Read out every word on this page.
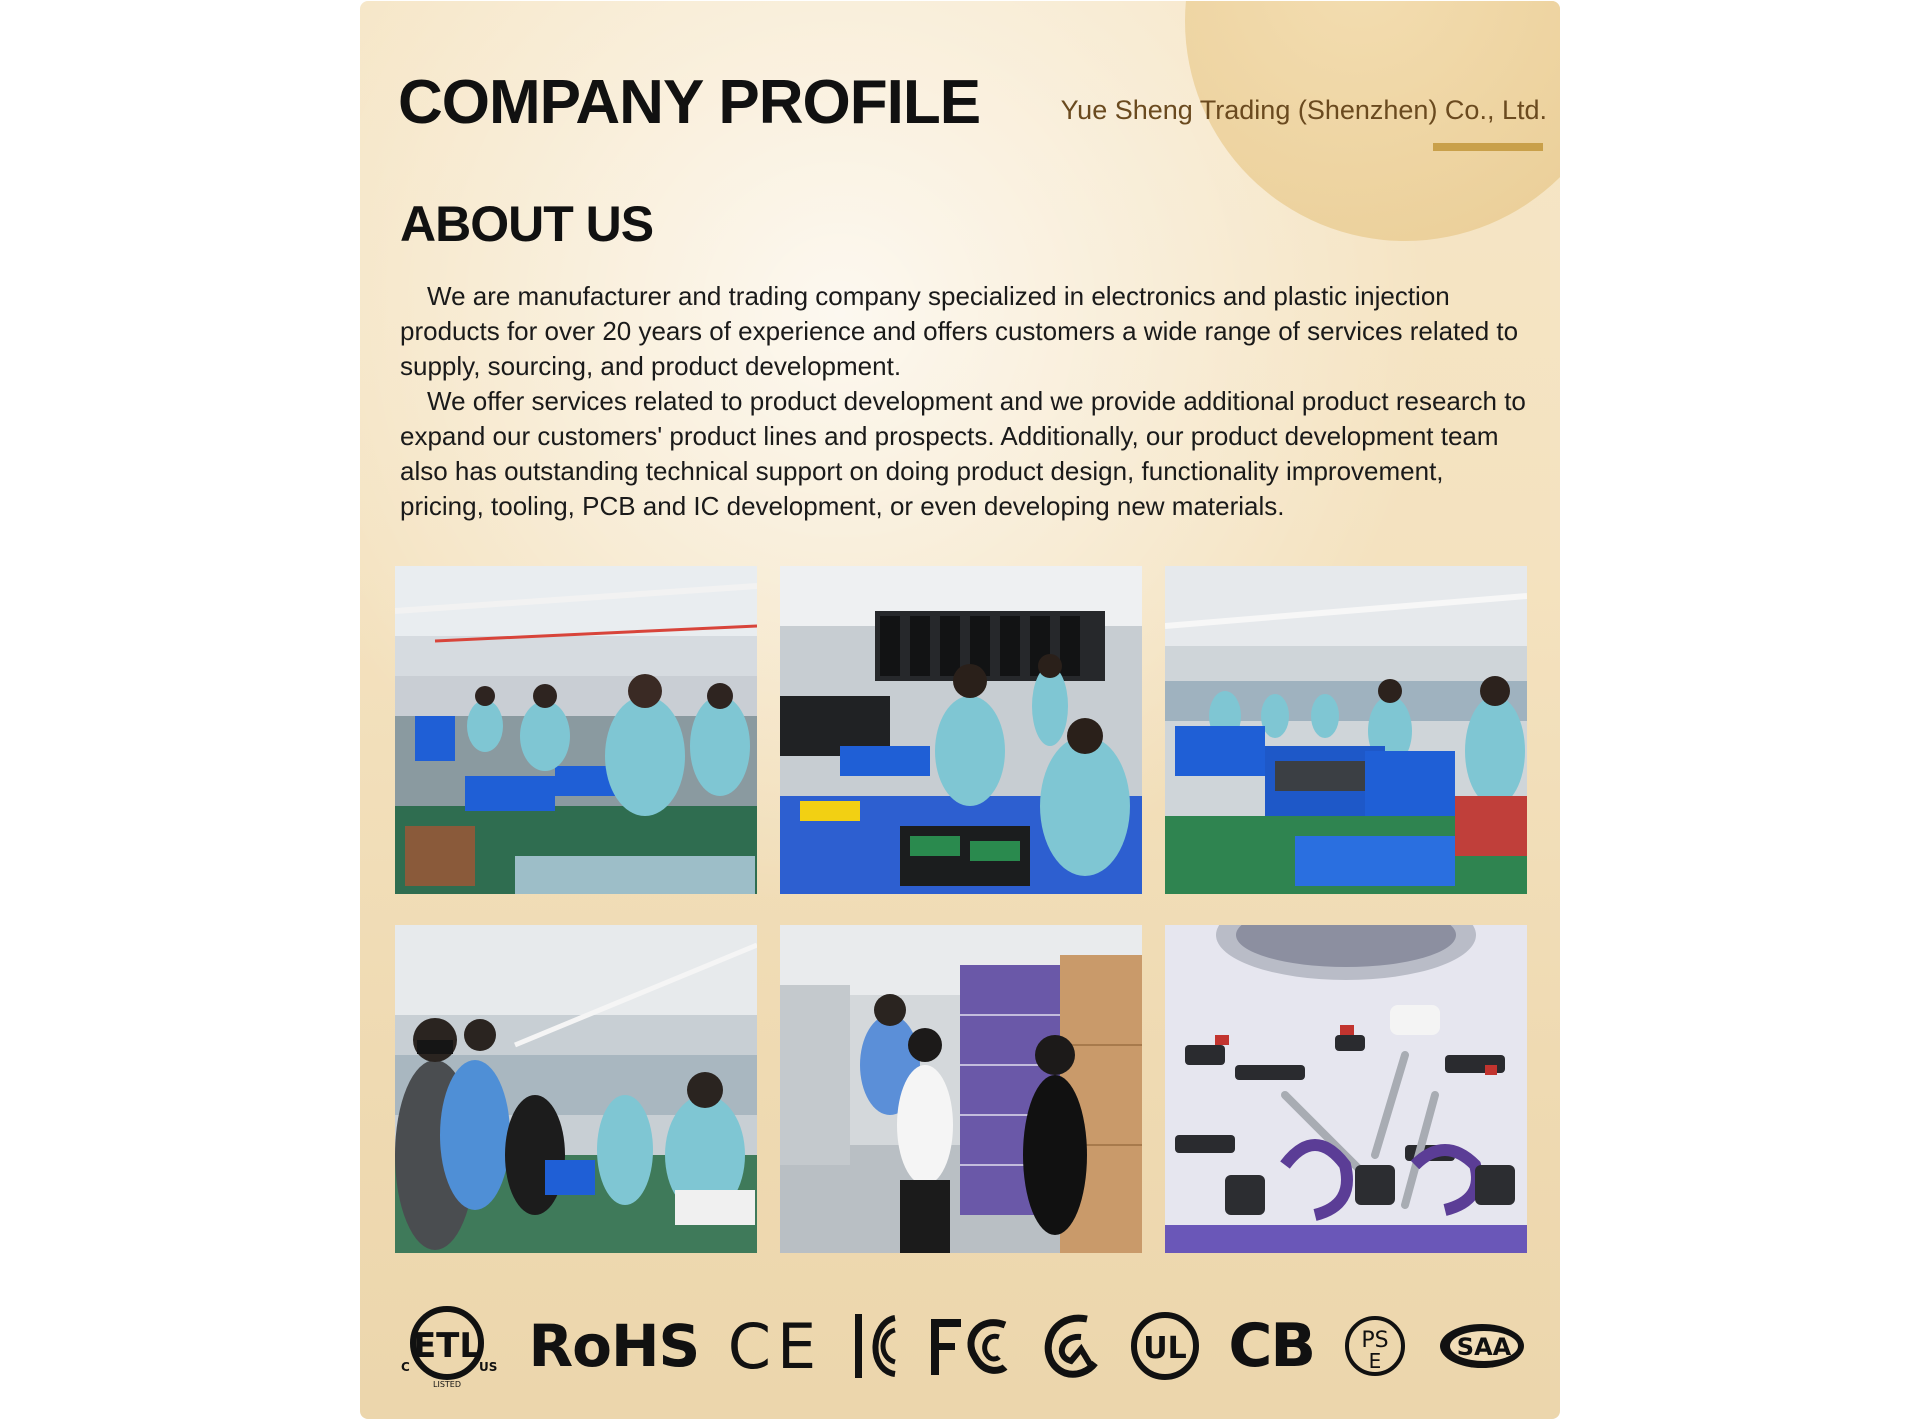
COMPANY PROFILE	Yue Sheng Trading (Shenzhen) Co., Ltd.
ABOUT US

We are manufacturer and trading company specialized in electronics and plastic injection products for over 20 years of experience and offers customers a wide range of services related to supply, sourcing, and product development.

We offer services related to product development and we provide additional product research to expand our customers' product lines and prospects. Additionally, our product development team also has outstanding technical support on doing product design, functionality improvement, pricing, tooling, PCB and IC development, or even developing new materials.

ETL
C	US
LISTED
RoHS CE	UL CB PS
E	SAA
